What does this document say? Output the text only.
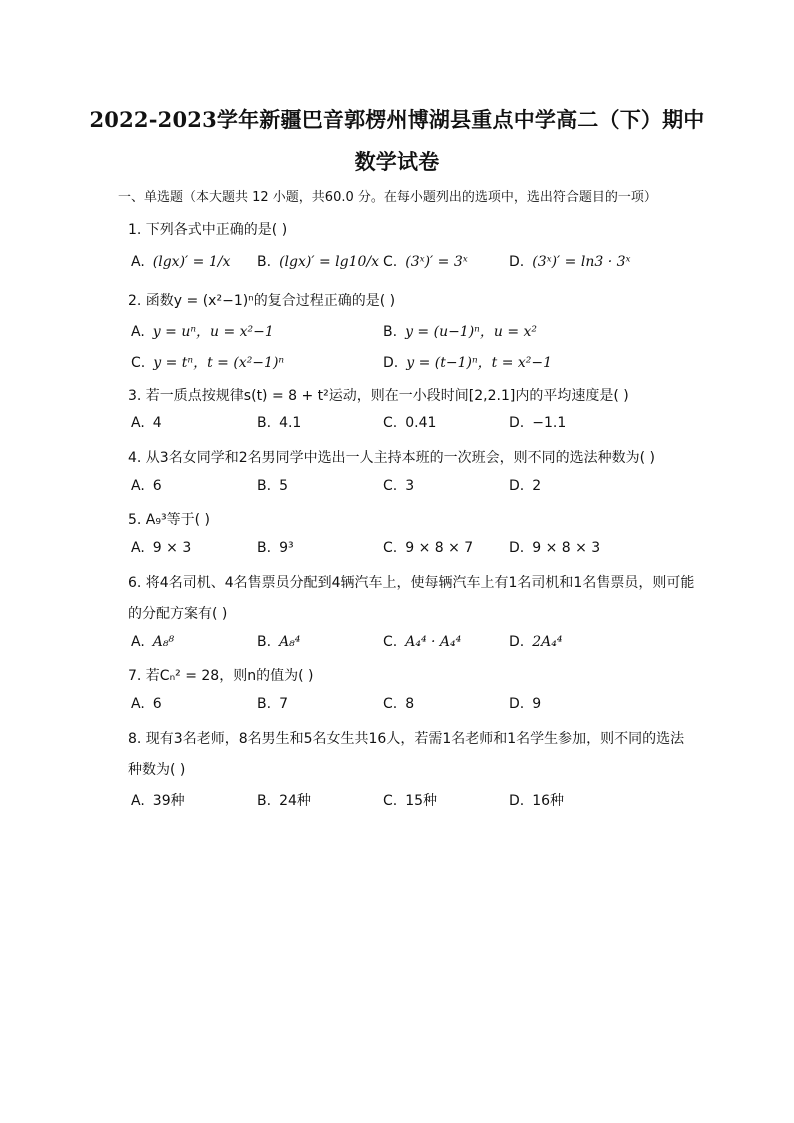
2022-2023学年新疆巴音郭楞州博湖县重点中学高二（下）期中
数学试卷
一、单选题（本大题共 12 小题，共60.0 分。在每小题列出的选项中，选出符合题目的一项）
1. 下列各式中正确的是( )
A. (lgx)′ = 1/x B. (lgx)′ = lg10/x C. (3ˣ)′ = 3ˣ	D. (3ˣ)′ = ln3 · 3ˣ
2. 函数y = (x²−1)ⁿ的复合过程正确的是( )
A. y = uⁿ，u = x²−1	B. y = (u−1)ⁿ，u = x²
C. y = tⁿ，t = (x²−1)ⁿ	D. y = (t−1)ⁿ，t = x²−1
3. 若一质点按规律s(t) = 8 + t²运动，则在一小段时间[2,2.1]内的平均速度是( )
A. 4	B. 4.1	C. 0.41	D. −1.1
4. 从3名女同学和2名男同学中选出一人主持本班的一次班会，则不同的选法种数为( )
A. 6	B. 5	C. 3	D. 2
5. A₉³等于( )
A. 9 × 3	B. 9³	C. 9 × 8 × 7	D. 9 × 8 × 3
6. 将4名司机、4名售票员分配到4辆汽车上，使每辆汽车上有1名司机和1名售票员，则可能
的分配方案有( )
A. A₈⁸	B. A₈⁴	C. A₄⁴ · A₄⁴	D. 2A₄⁴
7. 若Cₙ² = 28，则n的值为( )
A. 6	B. 7	C. 8	D. 9
8. 现有3名老师，8名男生和5名女生共16人，若需1名老师和1名学生参加，则不同的选法
种数为( )
A. 39种	B. 24种	C. 15种	D. 16种
